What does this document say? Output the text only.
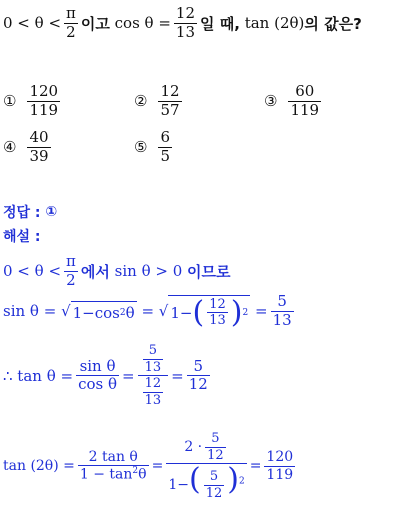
$0 < \theta < \frac{\pi}{2}$ 이고
$\cos \theta = \frac{12}{13}$ 일 때,
tan (2θ) 의 값은?
① $\frac{120}{119}$	② $\frac{12}{57}$	③ $\frac{60}{119}$
④ $\frac{40}{39}$	⑤ $\frac{6}{5}$
정답 :
①
해설 :
$0 < \theta < \frac{\pi}{2}$ 에서
sin θ > 0
이므로
sin θ =
√ 1−cos 2 θ
=
√ 1− ( $\frac{12}{13}$ ) 2
= $\frac{5}{13}$
∴ $\tan \theta = \frac{\text{sin θ}}{\text{cos θ}} = \frac{\frac{5}{13}}{\frac{12}{13}} = \frac{5}{12}$
$\tan (2\theta) = \frac{\text{2 tan θ}}{1 - \tan^2\theta} = \frac{2 \cdot \frac{5}{12}}{1-( \frac{5}{12} )^2} = \frac{120}{119}$
